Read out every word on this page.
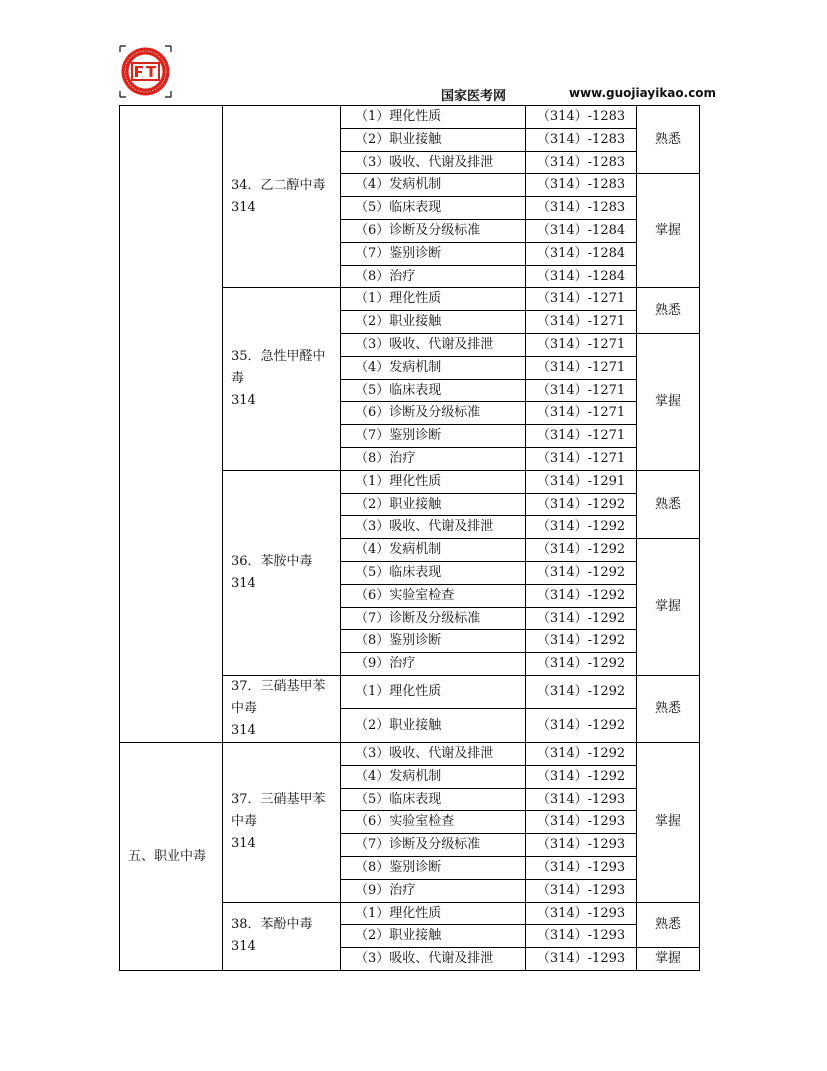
国家医考网	www.guojiayikao.com
	34．乙二醇中毒
314	（1）理化性质	（314）-1283	熟悉
		（2）职业接触	（314）-1283	
		（3）吸收、代谢及排泄	（314）-1283	
		（4）发病机制	（314）-1283	掌握
		（5）临床表现	（314）-1283	
		（6）诊断及分级标准	（314）-1284	
		（7）鉴别诊断	（314）-1284	
		（8）治疗	（314）-1284	
	35．急性甲醛中
毒
314	（1）理化性质	（314）-1271	熟悉
		（2）职业接触	（314）-1271	
		（3）吸收、代谢及排泄	（314）-1271	掌握
		（4）发病机制	（314）-1271	
		（5）临床表现	（314）-1271	
		（6）诊断及分级标准	（314）-1271	
		（7）鉴别诊断	（314）-1271	
		（8）治疗	（314）-1271	
	36．苯胺中毒
314	（1）理化性质	（314）-1291	熟悉
		（2）职业接触	（314）-1292	
		（3）吸收、代谢及排泄	（314）-1292	
		（4）发病机制	（314）-1292	掌握
		（5）临床表现	（314）-1292	
		（6）实验室检查	（314）-1292	
		（7）诊断及分级标准	（314）-1292	
		（8）鉴别诊断	（314）-1292	
		（9）治疗	（314）-1292	
	37．三硝基甲苯
中毒
314	（1）理化性质	（314）-1292	熟悉
		（2）职业接触	（314）-1292	
五、职业中毒	37．三硝基甲苯
中毒
314	（3）吸收、代谢及排泄	（314）-1292	掌握
		（4）发病机制	（314）-1292	
		（5）临床表现	（314）-1293	
		（6）实验室检查	（314）-1293	
		（7）诊断及分级标准	（314）-1293	
		（8）鉴别诊断	（314）-1293	
		（9）治疗	（314）-1293	
	38．苯酚中毒
314	（1）理化性质	（314）-1293	熟悉
		（2）职业接触	（314）-1293	
		（3）吸收、代谢及排泄	（314）-1293	掌握
